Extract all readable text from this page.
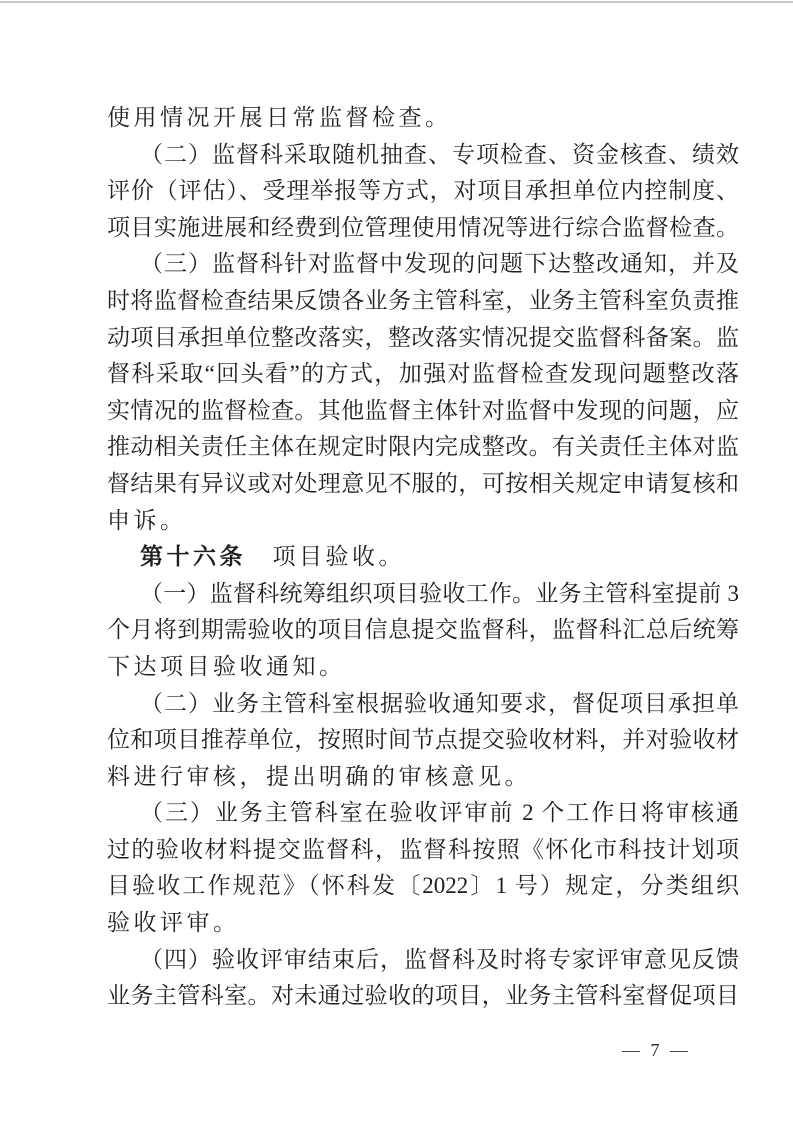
使用情况开展日常监督检查。
（二）监督科采取随机抽查、专项检查、资金核查、绩效
评价（评估）、受理举报等方式，对项目承担单位内控制度、
项目实施进展和经费到位管理使用情况等进行综合监督检查。
（三）监督科针对监督中发现的问题下达整改通知，并及
时将监督检查结果反馈各业务主管科室，业务主管科室负责推
动项目承担单位整改落实，整改落实情况提交监督科备案。监
督科采取“回头看”的方式，加强对监督检查发现问题整改落
实情况的监督检查。其他监督主体针对监督中发现的问题，应
推动相关责任主体在规定时限内完成整改。有关责任主体对监
督结果有异议或对处理意见不服的，可按相关规定申请复核和
申诉。
第十六条　项目验收。
（一）监督科统筹组织项目验收工作。业务主管科室提前 3
个月将到期需验收的项目信息提交监督科，监督科汇总后统筹
下达项目验收通知。
（二）业务主管科室根据验收通知要求，督促项目承担单
位和项目推荐单位，按照时间节点提交验收材料，并对验收材
料进行审核，提出明确的审核意见。
（三）业务主管科室在验收评审前 2 个工作日将审核通
过的验收材料提交监督科，监督科按照《怀化市科技计划项
目验收工作规范》（怀科发〔2022〕1 号）规定，分类组织
验收评审。
（四）验收评审结束后，监督科及时将专家评审意见反馈
业务主管科室。对未通过验收的项目，业务主管科室督促项目
— 7 —
